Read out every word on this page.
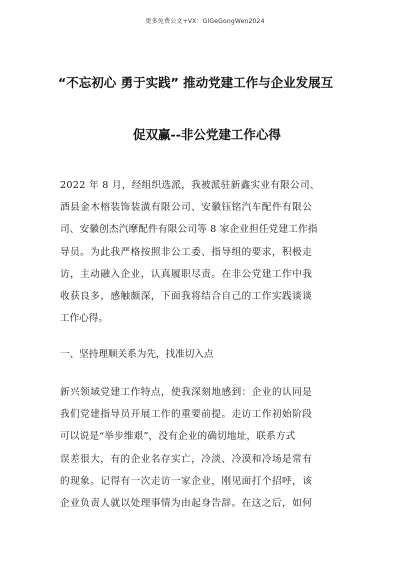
更多免费公文+VX：GlGeGongWen2024
“不忘初心 勇于实践” 推动党建工作与企业发展互
促双赢--非公党建工作心得
2022 年 8 月，经组织选派，我被派驻新鑫实业有限公司、
酒县金木榕装饰装潢有限公司、安徽钰铭汽车配件有限公
司、安徽创杰汽摩配件有限公司等 8 家企业担任党建工作指
导员。为此我严格按照非公工委、指导组的要求，积极走
访，主动融入企业，认真履职尽责。在非公党建工作中我
收获良多，感触颇深，下面我将结合自己的工作实践谈谈
工作心得。
一、坚持理顺关系为先，找准切入点
新兴领域党建工作特点，使我深刻地感到：企业的认同是
我们党建指导员开展工作的重要前提。走访工作初始阶段
可以说是“举步维艰”，没有企业的确切地址，联系方式
误差很大，有的企业名存实亡，冷淡、冷漠和冷场是常有
的现象。记得有一次走访一家企业，刚见面打个招呼，该
企业负责人就以处理事情为由起身告辞。在这之后，如何
